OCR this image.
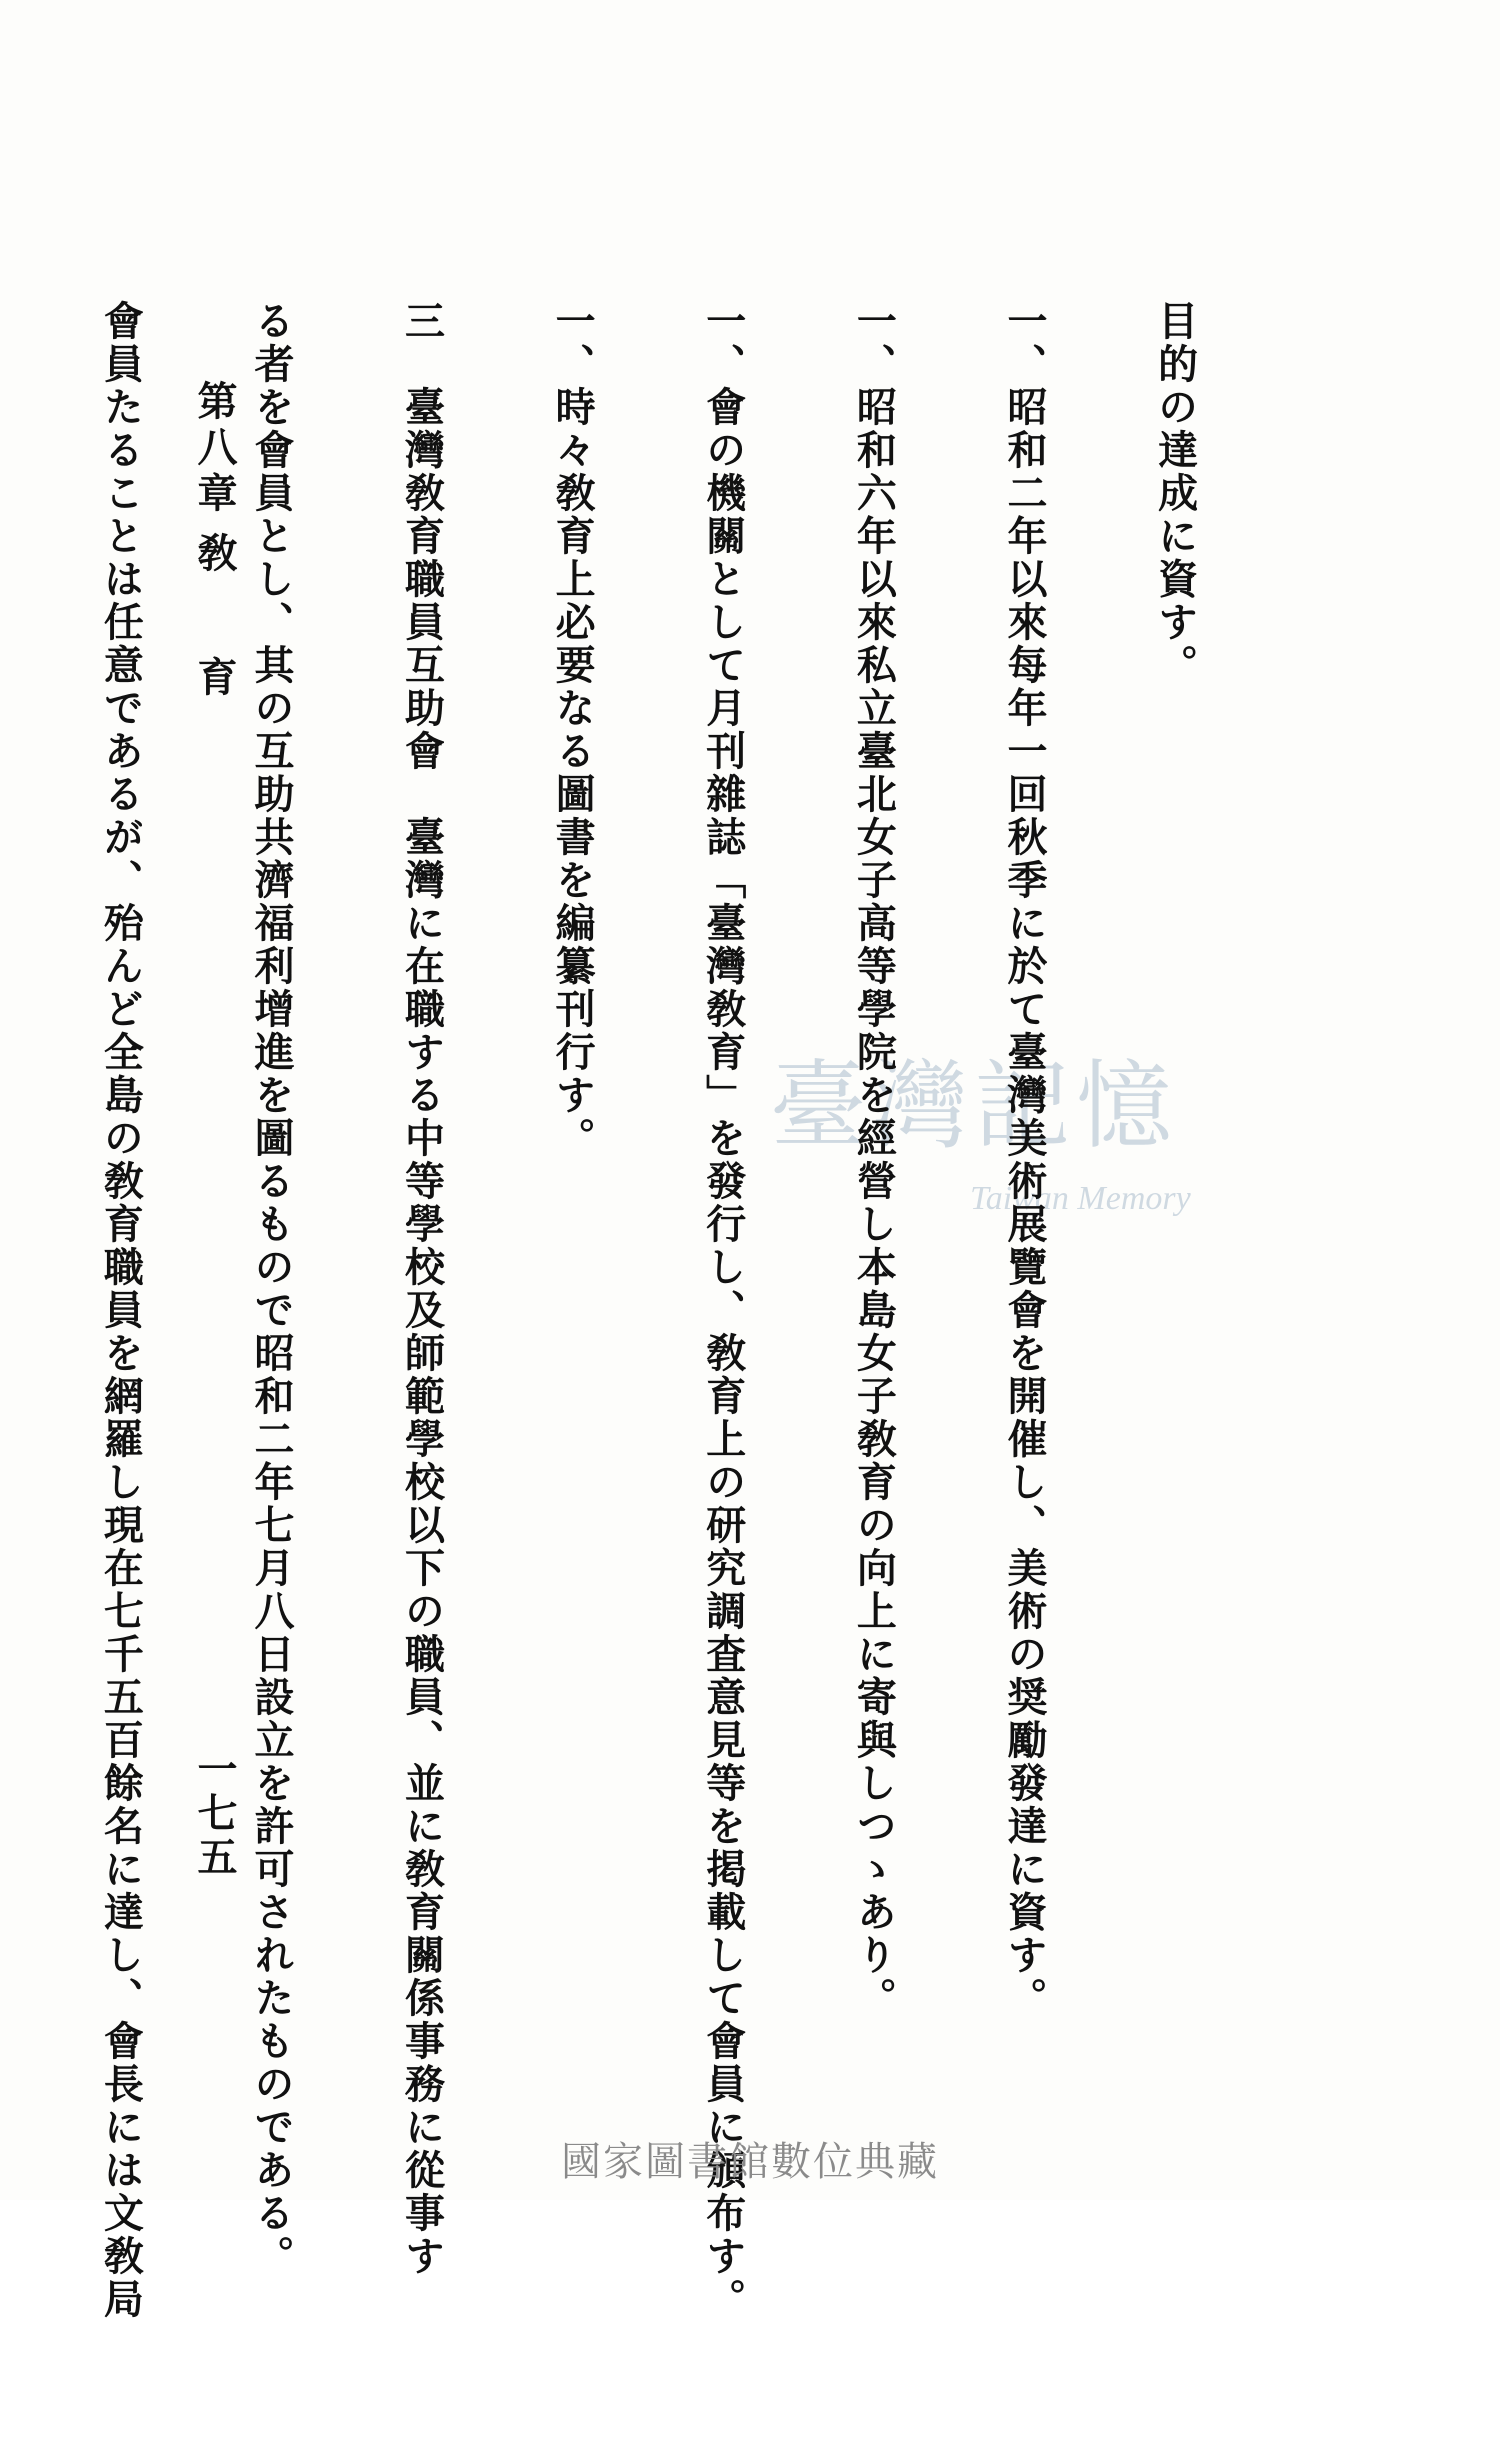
臺灣記憶
Taiwan Memory

目的の達成に資す。

一、昭和二年以來每年一回秋季に於て臺灣美術展覽會を開催し、美術の奨勵發達に資す。

一、昭和六年以來私立臺北女子高等學院を經營し本島女子敎育の向上に寄與しつゝあり。

一、會の機關として月刊雜誌「臺灣敎育」を發行し、敎育上の研究調査意見等を掲載して會員に頒布す。

一、時々敎育上必要なる圖書を編纂刊行す。

三　臺灣敎育職員互助會　臺灣に在職する中等學校及師範學校以下の職員、並に敎育關係事務に從事す

る者を會員とし、其の互助共濟福利增進を圖るもので昭和二年七月八日設立を許可されたものである。

會員たることは任意であるが、殆んど全島の敎育職員を網羅し現在七千五百餘名に達し、會長には文敎局

第八章 敎　育
一七五
國家圖書館數位典藏
